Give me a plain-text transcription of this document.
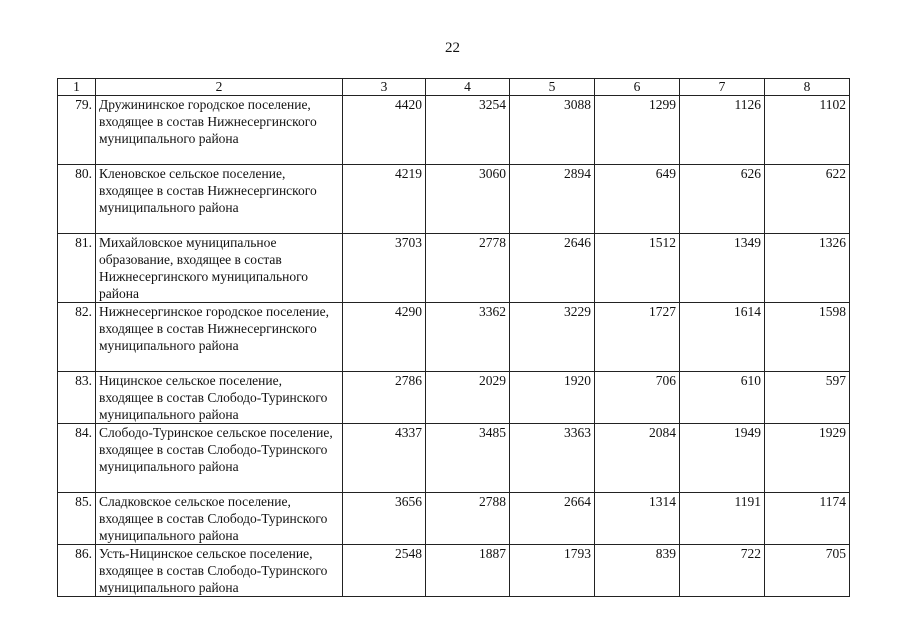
22
1	2	3	4	5	6	7	8
79.	Дружининское городское поселение, входящее в состав Нижнесергинского муниципального района	4420	3254	3088	1299	1126	1102
80.	Кленовское сельское поселение, входящее в состав Нижнесергинского муниципального района	4219	3060	2894	649	626	622
81.	Михайловское муниципальное образование, входящее в состав Нижнесергинского муниципального района	3703	2778	2646	1512	1349	1326
82.	Нижнесергинское городское поселение, входящее в состав Нижнесергинского муниципального района	4290	3362	3229	1727	1614	1598
83.	Ницинское сельское поселение, входящее в состав Слободо-Туринского муниципального района	2786	2029	1920	706	610	597
84.	Слободо-Туринское сельское поселение, входящее в состав Слободо-Туринского муниципального района	4337	3485	3363	2084	1949	1929
85.	Сладковское сельское поселение, входящее в состав Слободо-Туринского муниципального района	3656	2788	2664	1314	1191	1174
86.	Усть-Ницинское сельское поселение, входящее в состав Слободо-Туринского муниципального района	2548	1887	1793	839	722	705
